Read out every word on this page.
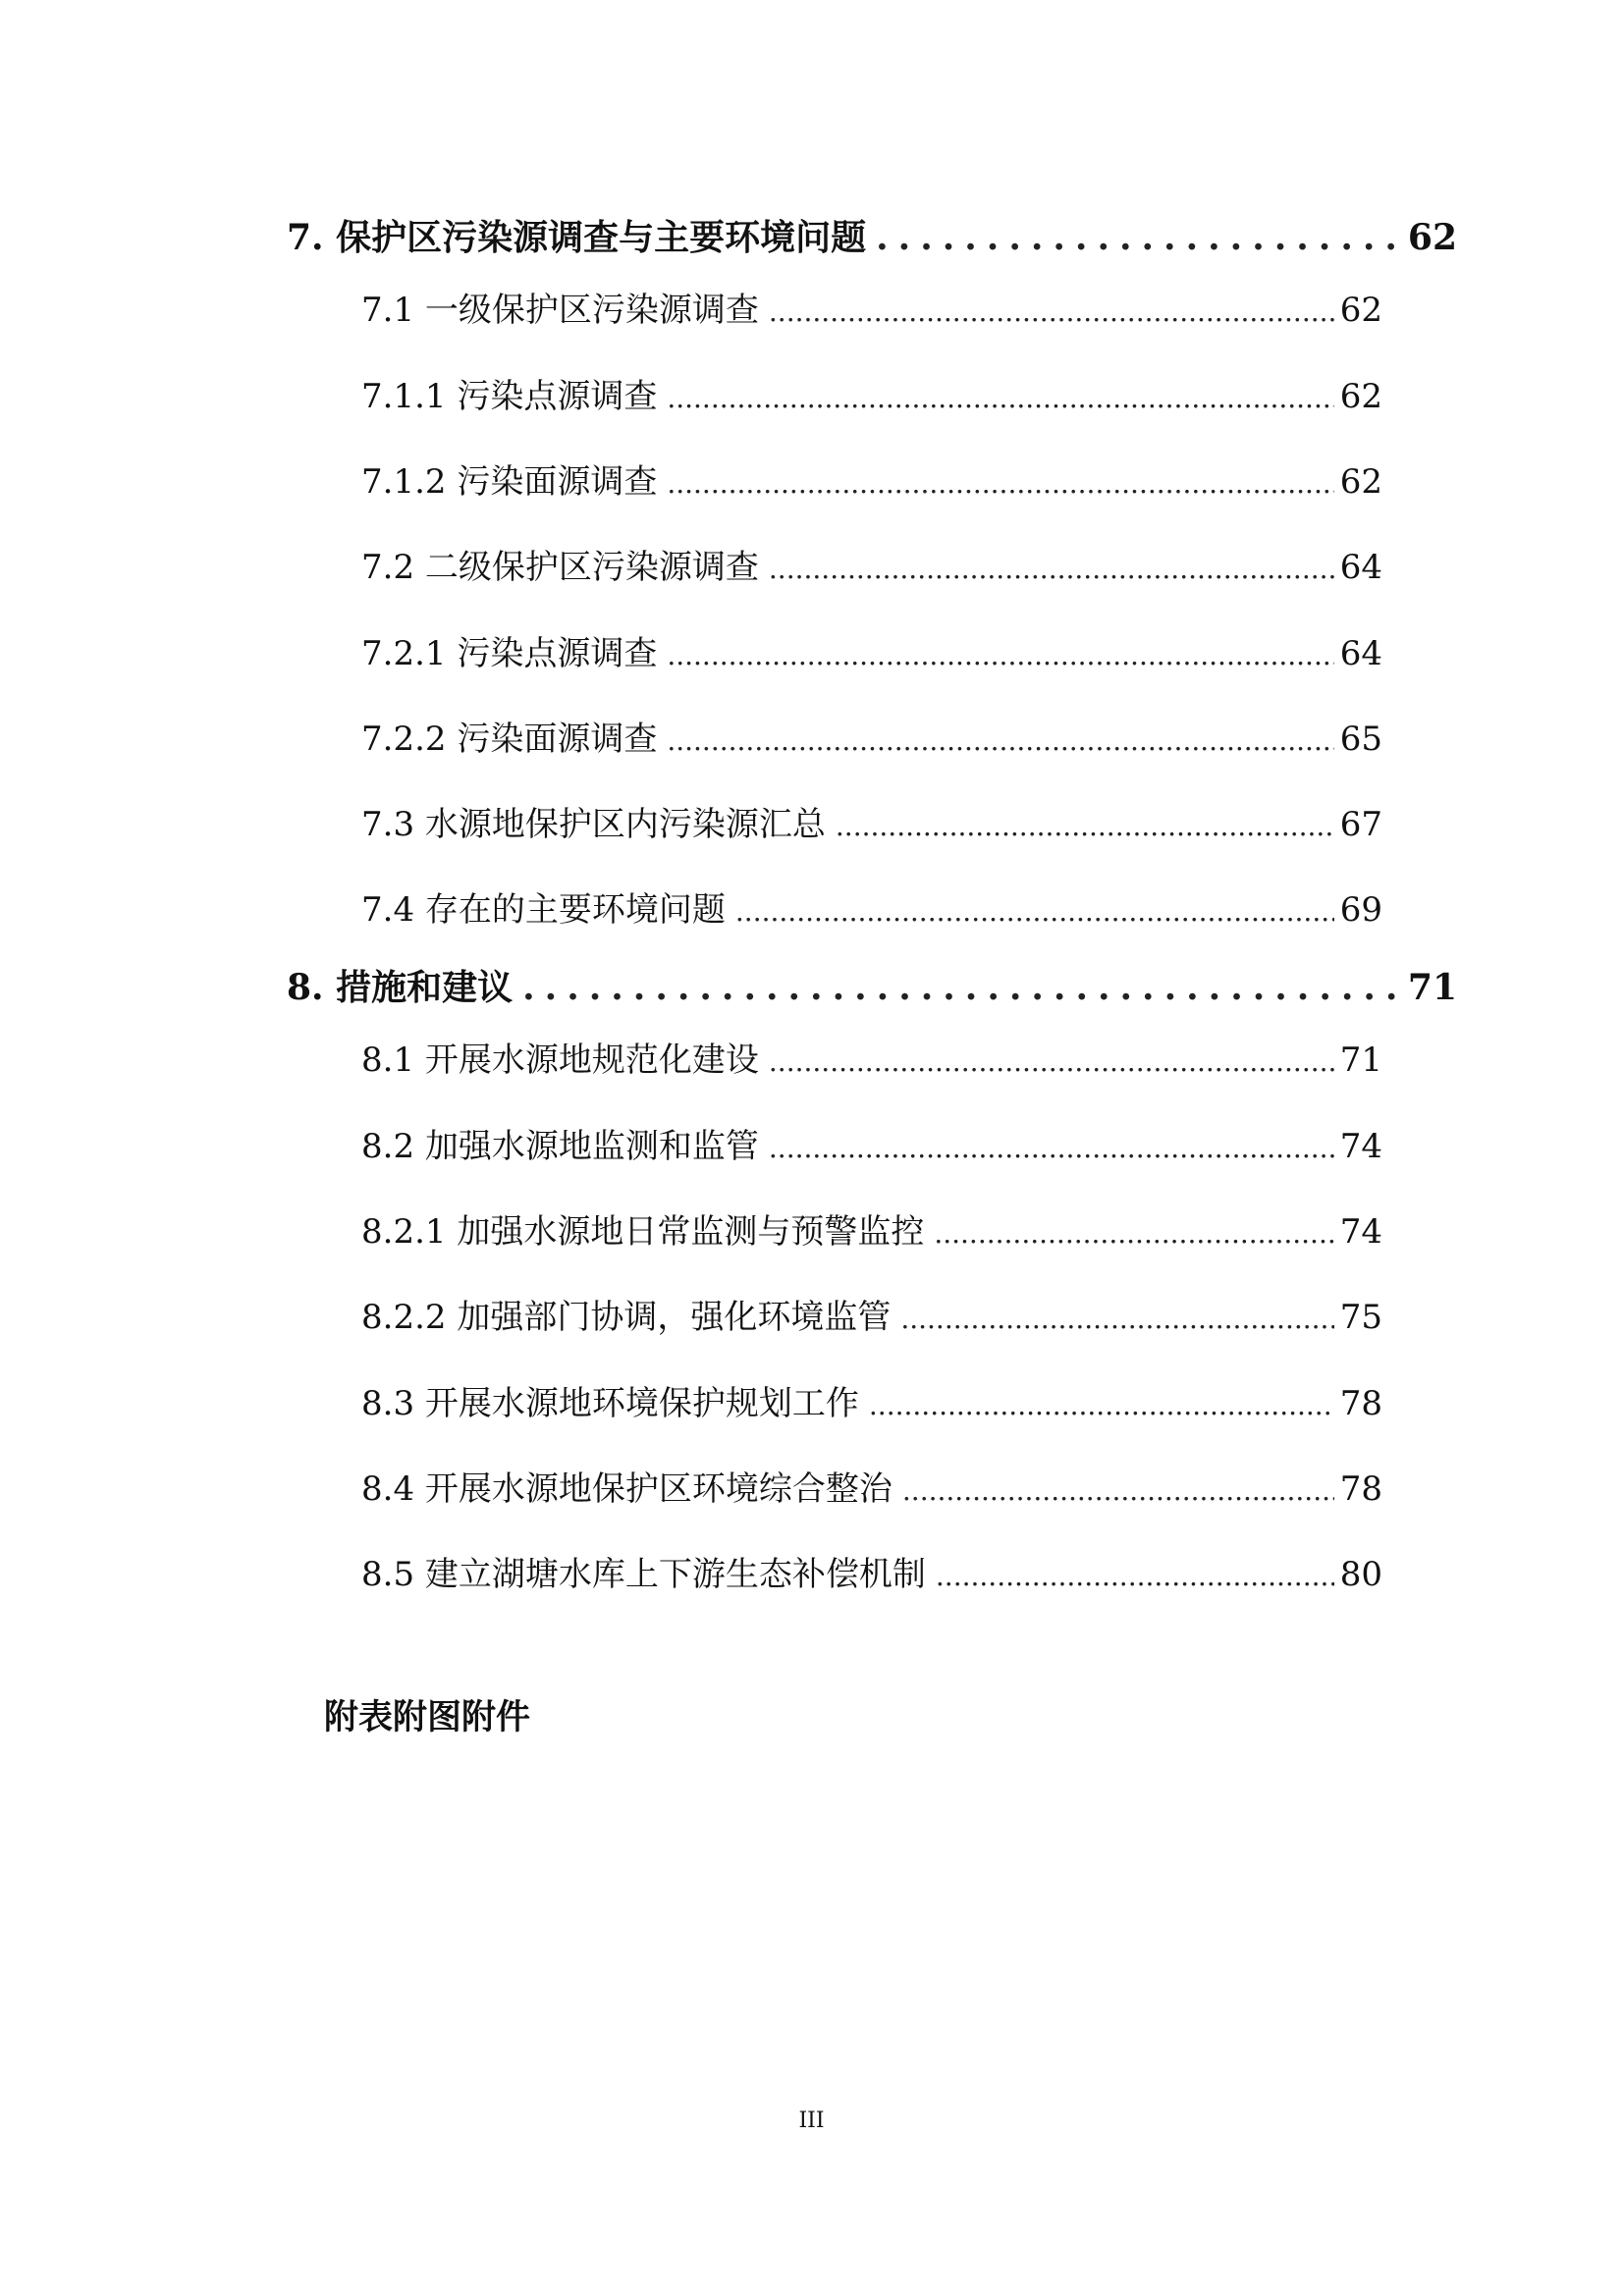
7. 保护区污染源调查与主要环境问题 .....	62
7.1 一级保护区污染源调查 .....	62
7.1.1 污染点源调查 .....	62
7.1.2 污染面源调查 .....	62
7.2 二级保护区污染源调查 .....	64
7.2.1 污染点源调查 .....	64
7.2.2 污染面源调查 .....	65
7.3 水源地保护区内污染源汇总 .....	67
7.4 存在的主要环境问题 .....	69
8. 措施和建议 .....	71
8.1 开展水源地规范化建设 .....	71
8.2 加强水源地监测和监管 .....	74
8.2.1 加强水源地日常监测与预警监控 .....	74
8.2.2 加强部门协调，强化环境监管 .....	75
8.3 开展水源地环境保护规划工作 .....	78
8.4 开展水源地保护区环境综合整治 .....	78
8.5 建立湖塘水库上下游生态补偿机制 .....	80
附表附图附件
III
